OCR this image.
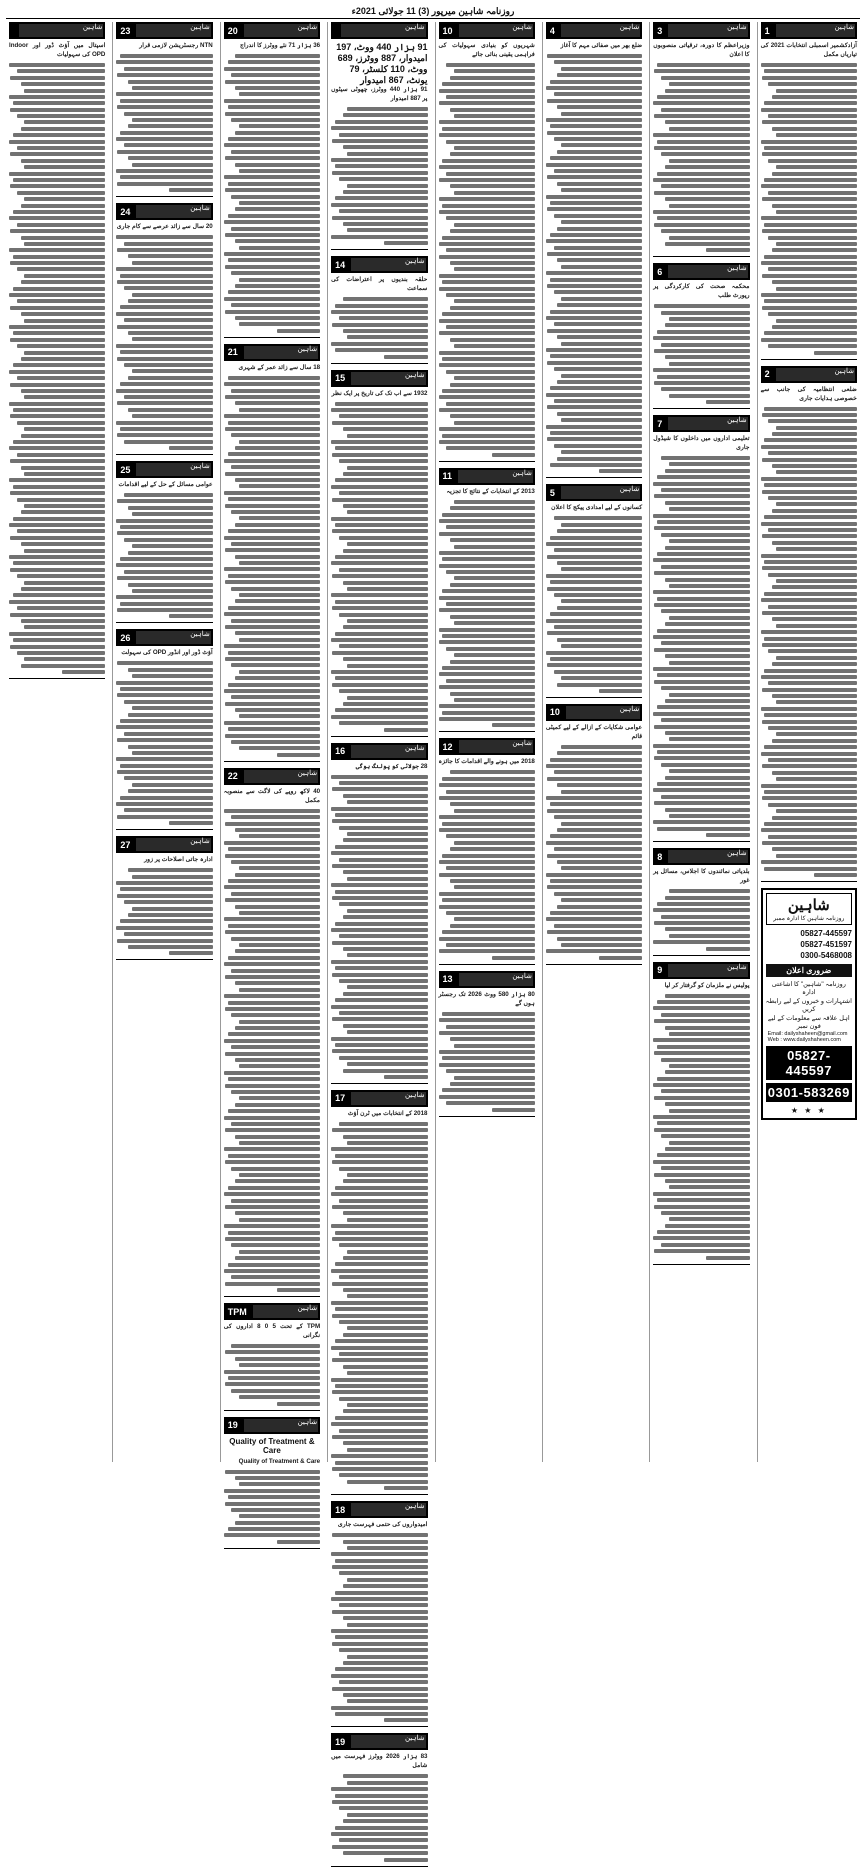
روزنامہ شاہین میرپور (3) 11 جولائی 2021ء
1	شاہین

آزادکشمیر اسمبلی انتخابات 2021 کی تیاریاں مکمل

2	شاہین

ضلعی انتظامیہ کی جانب سے خصوصی ہدایات جاری

شاہین
روزنامہ شاہین کا ادارہ ممبر
05827-445597
05827-451597
0300-5468008
ضروری اعلان
روزنامہ "شاہین" کا اشاعتی ادارہ
اشتہارات و خبروں کے لیے رابطہ کریں
اہل علاقہ سے معلومات کے لیے فون نمبر
Email: dailyshaheen@gmail.com
Web : www.dailyshaheen.com
05827-445597
0301-583269
★ ★ ★
3	شاہین

وزیراعظم کا دورہ، ترقیاتی منصوبوں کا اعلان

6	شاہین

محکمہ صحت کی کارکردگی پر رپورٹ طلب

7	شاہین

تعلیمی اداروں میں داخلوں کا شیڈول جاری

8	شاہین

بلدیاتی نمائندوں کا اجلاس، مسائل پر غور

9	شاہین

پولیس نے ملزمان کو گرفتار کر لیا

4	شاہین

ضلع بھر میں صفائی مہم کا آغاز

5	شاہین

کسانوں کے لیے امدادی پیکج کا اعلان

10	شاہین

عوامی شکایات کے ازالے کے لیے کمیٹی قائم

10	شاہین

شہریوں کو بنیادی سہولیات کی فراہمی یقینی بنائی جائے

11	شاہین

2013 کے انتخابات کے نتائج کا تجزیہ

12	شاہین

2018 میں ہونے والے اقدامات کا جائزہ

13	شاہین

80 ہزار 580 ووٹ 2026 تک رجسٹر ہوں گے

شاہین
91 ہزار 440 ووٹ، 197 امیدوار، 887 ووٹرز، 689 ووٹ، 110 کلسٹر، 79 یونٹ، 867 امیدوار

91 ہزار 440 ووٹرز، چھوٹی سیٹوں پر 887 امیدوار

14	شاہین

حلقہ بندیوں پر اعتراضات کی سماعت

15	شاہین

1932 سے اب تک کی تاریخ پر ایک نظر

16	شاہین

28 جولائی کو پولنگ ہوگی

17	شاہین

2018 کے انتخابات میں ٹرن آؤٹ

18	شاہین

امیدواروں کی حتمی فہرست جاری

19	شاہین

83 ہزار 2026 ووٹرز فہرست میں شامل

20	شاہین

36 ہزار 71 نئے ووٹرز کا اندراج

21	شاہین

18 سال سے زائد عمر کے شہری

22	شاہین

40 لاکھ روپے کی لاگت سے منصوبہ مکمل

TPM	شاہین

TPM کے تحت 5 0 8 اداروں کی نگرانی

19	شاہین
Quality of Treatment & Care

Quality of Treatment & Care

23	شاہین

NTN رجسٹریشن لازمی قرار

24	شاہین

20 سال سے زائد عرصے سے کام جاری

25	شاہین

عوامی مسائل کے حل کے لیے اقدامات

26	شاہین

آؤٹ ڈور اور انڈور OPD کی سہولت

27	شاہین

ادارہ جاتی اصلاحات پر زور

شاہین

اسپتال میں آؤٹ ڈور اور Indoor OPD کی سہولیات
